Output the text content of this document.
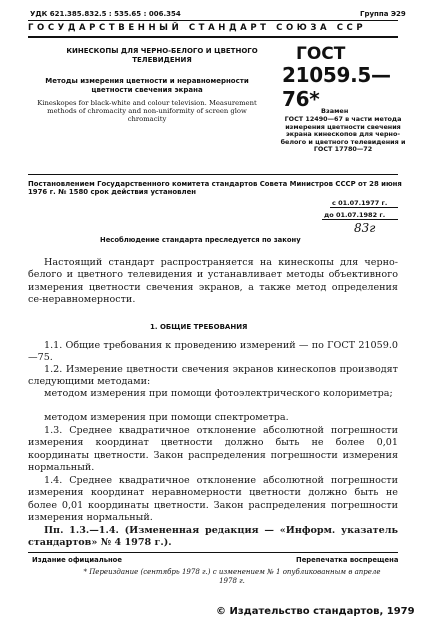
УДК 621.385.832.5 : 535.65 : 006.354	Группа Э29
ГОСУДАРСТВЕННЫЙ СТАНДАРТ СОЮЗА ССР
КИНЕСКОПЫ ДЛЯ ЧЕРНО-БЕЛОГО И ЦВЕТНОГО ТЕЛЕВИДЕНИЯ	ГОСТ
21059.5—76*
Методы измерения цветности и неравномерности цветности свечения экрана
Kineskopes for black-white and colour television. Measurement methods of chromacity and non-uniformity of screen glow chromacity
Взамен
ГОСТ 12490—67 в части метода измерения цветности свечения экрана кинескопов для черно-белого и цветного телевидения и ГОСТ 17780—72
Постановлением Государственного комитета стандартов Совета Министров СССР от 28 июня 1976 г. № 1580 срок действия установлен
с 01.07.1977 г.
до 01.07.1982 г.
83г
Несоблюдение стандарта преследуется по закону
Настоящий стандарт распространяется на кинескопы для черно-белого и цветного телевидения и устанавливает методы объективного измерения цветности свечения экранов, а также метод определения се-неравномерности.
1. ОБЩИЕ ТРЕБОВАНИЯ
1.1. Общие требования к проведению измерений — по ГОСТ 21059.0—75.
1.2. Измерение цветности свечения экранов кинескопов производят следующими методами:
методом измерения при помощи фотоэлектрического колориметра;
методом измерения при помощи спектрометра.
1.3. Среднее квадратичное отклонение абсолютной погрешности измерения координат цветности должно быть не более 0,01 координаты цветности. Закон распределения погрешности измерения нормальный.
1.4. Среднее квадратичное отклонение абсолютной погрешности измерения координат неравномерности цветности должно быть не более 0,01 координаты цветности. Закон распределения погрешности измерения нормальный.
Пп. 1.3.—1.4. (Измененная редакция — «Информ. указатель стандартов» № 4 1978 г.).
Издание официальное	Перепечатка воспрещена
* Переиздание (сентябрь 1978 г.) с изменением № 1 опубликованным в апреле 1978 г.
© Издательство стандартов, 1979
